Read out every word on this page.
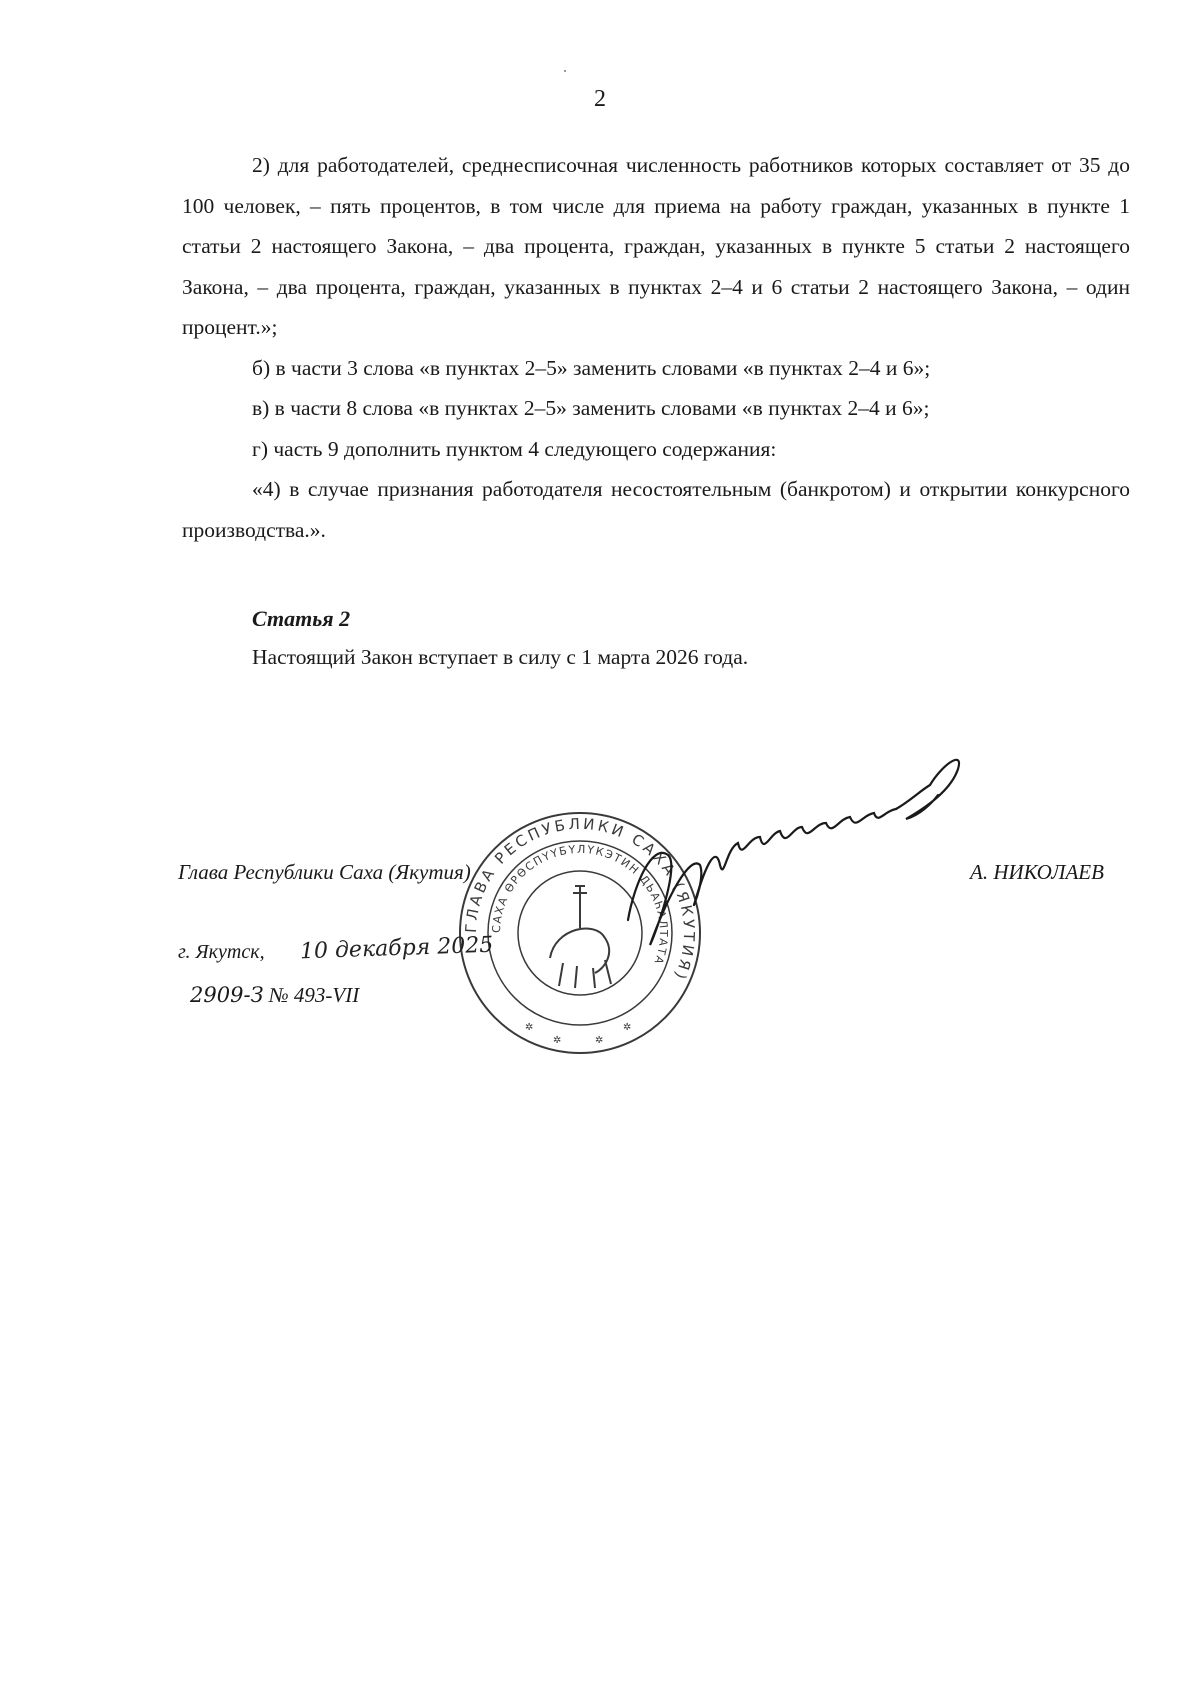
2

2) для работодателей, среднесписочная численность работников которых составляет от 35 до 100 человек, – пять процентов, в том числе для приема на работу граждан, указанных в пункте 1 статьи 2 настоящего Закона, – два процента, граждан, указанных в пункте 5 статьи 2 настоящего Закона, – два процента, граждан, указанных в пунктах 2–4 и 6 статьи 2 настоящего Закона, – один процент.»;

б) в части 3 слова «в пунктах 2–5» заменить словами «в пунктах 2–4 и 6»;

в) в части 8 слова «в пунктах 2–5» заменить словами «в пунктах 2–4 и 6»;

г) часть 9 дополнить пунктом 4 следующего содержания:

«4) в случае признания работодателя несостоятельным (банкротом) и открытии конкурсного производства.».

Статья 2
Настоящий Закон вступает в силу с 1 марта 2026 года.
ГЛАВА РЕСПУБЛИКИ САХА (ЯКУТИЯ)
САХА ӨРӨСПҮҮБҮЛҮКЭТИН ДЬАҺАЛТАТА
✲
✲	✲
✲
Глава Республики Саха (Якутия)	А. НИКОЛАЕВ
г. Якутск, 10 декабря 2025
2909-З № 493-VII
